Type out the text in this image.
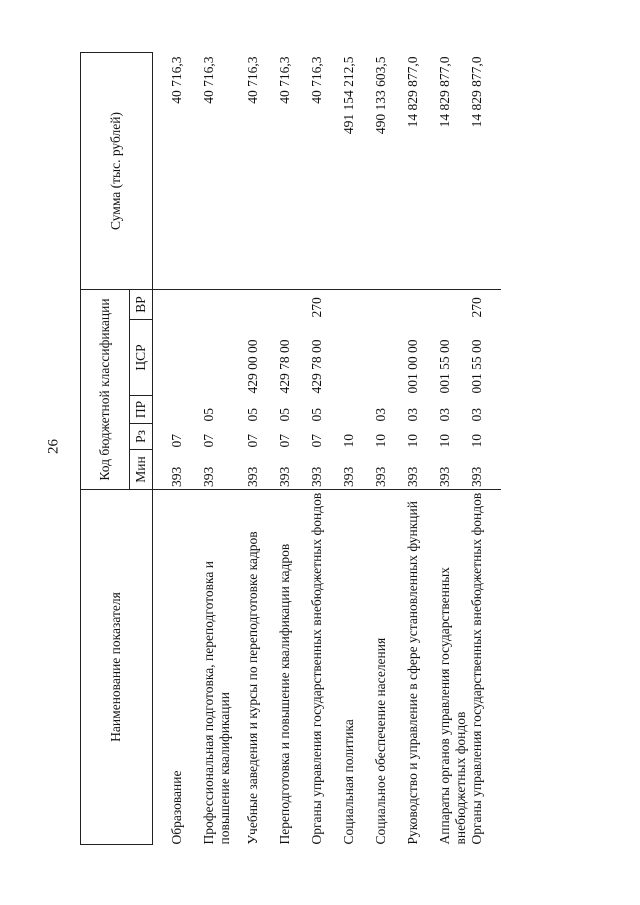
26
Наименование показателя	Код бюджетной классификации					Сумма (тыс. рублей)
	Мин	Рз	ПР	ЦСР	ВР	

Образование	393	07				40 716,3
Профессиональная подготовка, переподготовка и повышение квалификации	393	07	05			40 716,3
Учебные заведения и курсы по переподготовке кадров	393	07	05	429 00 00		40 716,3
Переподготовка и повышение квалификации кадров	393	07	05	429 78 00		40 716,3
Органы управления государственных внебюджетных фондов	393	07	05	429 78 00	270	40 716,3
Социальная политика	393	10				491 154 212,5
Социальное обеспечение населения	393	10	03			490 133 603,5
Руководство и управление в сфере установленных функций	393	10	03	001 00 00		14 829 877,0
Аппараты органов управления государственных внебюджетных фондов	393	10	03	001 55 00		14 829 877,0
Органы управления государственных внебюджетных фондов	393	10	03	001 55 00	270	14 829 877,0
